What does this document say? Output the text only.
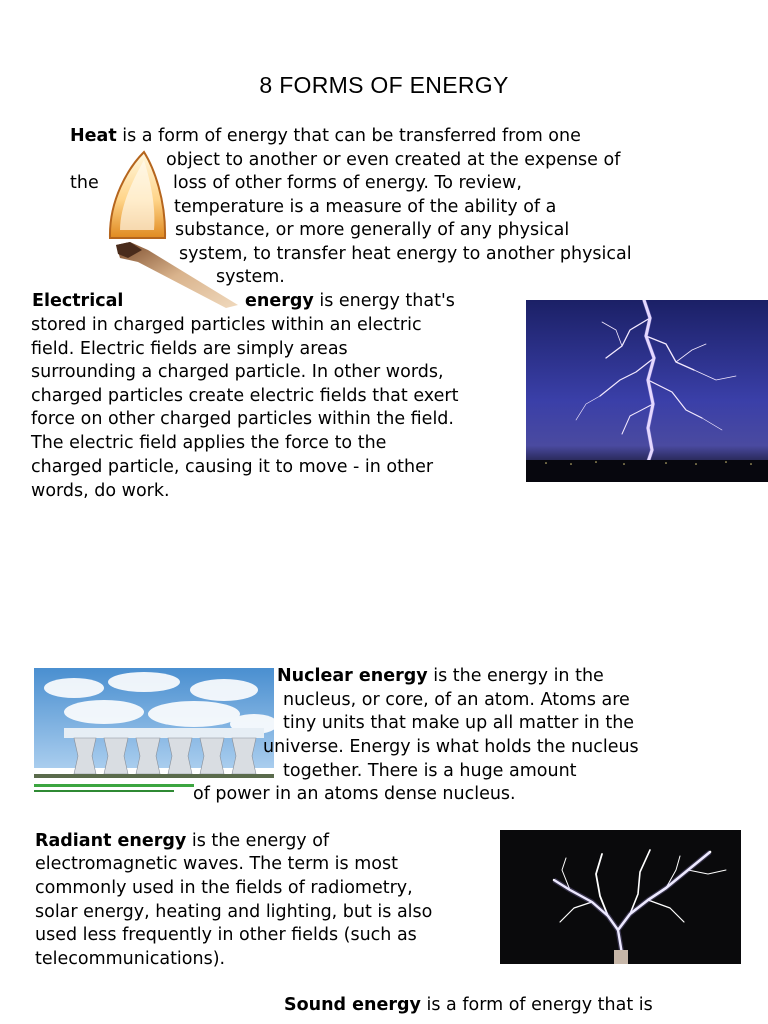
8 FORMS OF ENERGY
Heat is a form of energy that can be transferred from one
object to another or even created at the expense of
the	loss of other forms of energy. To review,
temperature is a measure of the ability of a
substance, or more generally of any physical
system, to transfer heat energy to another physical
system.
Electrical	energy is energy that's
stored in charged particles within an electric
field. Electric fields are simply areas
surrounding a charged particle. In other words,
charged particles create electric fields that exert
force on other charged particles within the field.
The electric field applies the force to the
charged particle, causing it to move - in other
words, do work.
Nuclear energy is the energy in the
nucleus, or core, of an atom. Atoms are
tiny units that make up all matter in the
universe. Energy is what holds the nucleus
together. There is a huge amount
of power in an atoms dense nucleus.
Radiant energy is the energy of
electromagnetic waves. The term is most
commonly used in the fields of radiometry,
solar energy, heating and lighting, but is also
used less frequently in other fields (such as
telecommunications).
Sound energy is a form of energy that is
